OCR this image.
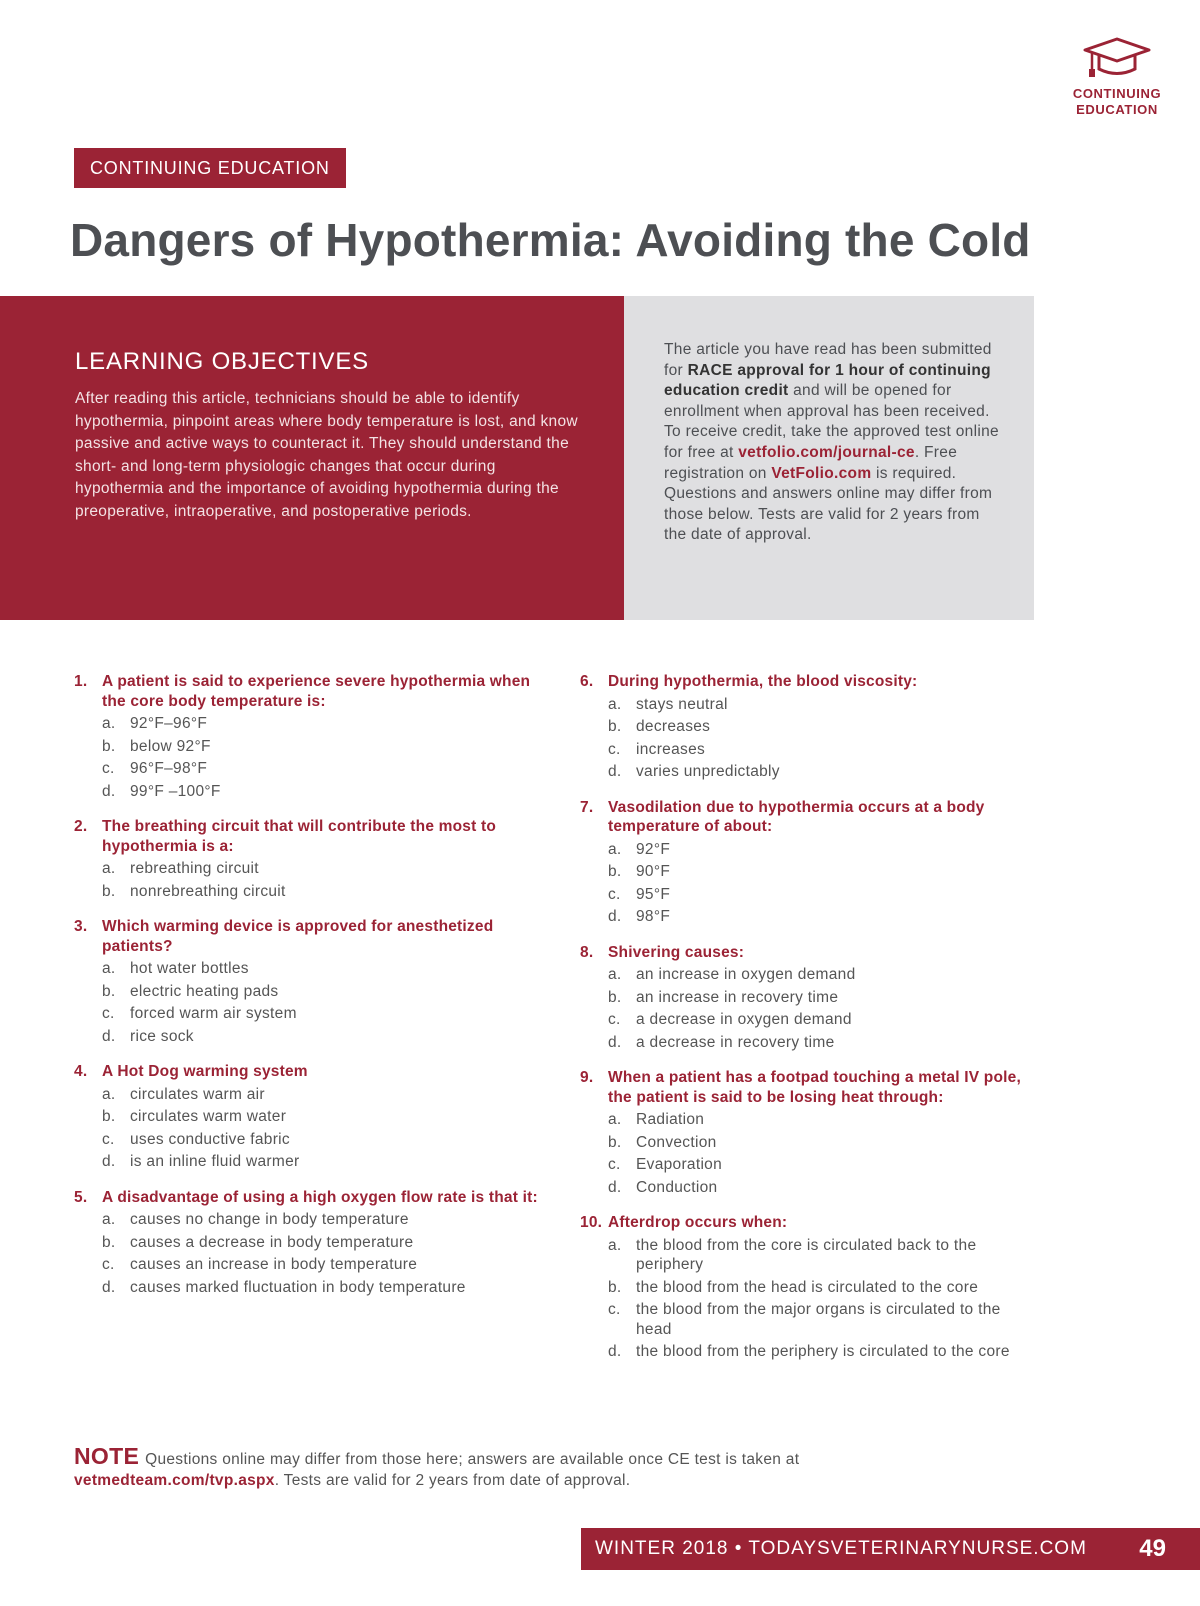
CONTINUING
EDUCATION
CONTINUING EDUCATION
Dangers of Hypothermia: Avoiding the Cold
LEARNING OBJECTIVES

After reading this article, technicians should be able to identify hypothermia, pinpoint areas where body temperature is lost, and know passive and active ways to counteract it. They should understand the short- and long-term physiologic changes that occur during hypothermia and the importance of avoiding hypothermia during the preoperative, intraoperative, and postoperative periods.

The article you have read has been submitted for RACE approval for 1 hour of continuing education credit and will be opened for enrollment when approval has been received. To receive credit, take the approved test online for free at vetfolio.com/journal-ce. Free registration on VetFolio.com is required. Questions and answers online may differ from those below. Tests are valid for 2 years from the date of approval.

1. A patient is said to experience severe hypothermia when the core body temperature is:
a. 92°F–96°F
b. below 92°F
c. 96°F–98°F
d. 99°F –100°F
2. The breathing circuit that will contribute the most to hypothermia is a:
a. rebreathing circuit
b. nonrebreathing circuit
3. Which warming device is approved for anesthetized patients?
a. hot water bottles
b. electric heating pads
c. forced warm air system
d. rice sock
4. A Hot Dog warming system
a. circulates warm air
b. circulates warm water
c. uses conductive fabric
d. is an inline fluid warmer
5. A disadvantage of using a high oxygen flow rate is that it:
a. causes no change in body temperature
b. causes a decrease in body temperature
c. causes an increase in body temperature
d. causes marked fluctuation in body temperature
6. During hypothermia, the blood viscosity:
a. stays neutral
b. decreases
c. increases
d. varies unpredictably
7. Vasodilation due to hypothermia occurs at a body temperature of about:
a. 92°F
b. 90°F
c. 95°F
d. 98°F
8. Shivering causes:
a. an increase in oxygen demand
b. an increase in recovery time
c. a decrease in oxygen demand
d. a decrease in recovery time
9. When a patient has a footpad touching a metal IV pole, the patient is said to be losing heat through:
a. Radiation
b. Convection
c. Evaporation
d. Conduction
10. Afterdrop occurs when:
a. the blood from the core is circulated back to the periphery
b. the blood from the head is circulated to the core
c. the blood from the major organs is circulated to the head
d. the blood from the periphery is circulated to the core
NOTE Questions online may differ from those here; answers are available once CE test is taken at vetmedteam.com/tvp.aspx. Tests are valid for 2 years from date of approval.
WINTER 2018 • TODAYSVETERINARYNURSE.COM 49
